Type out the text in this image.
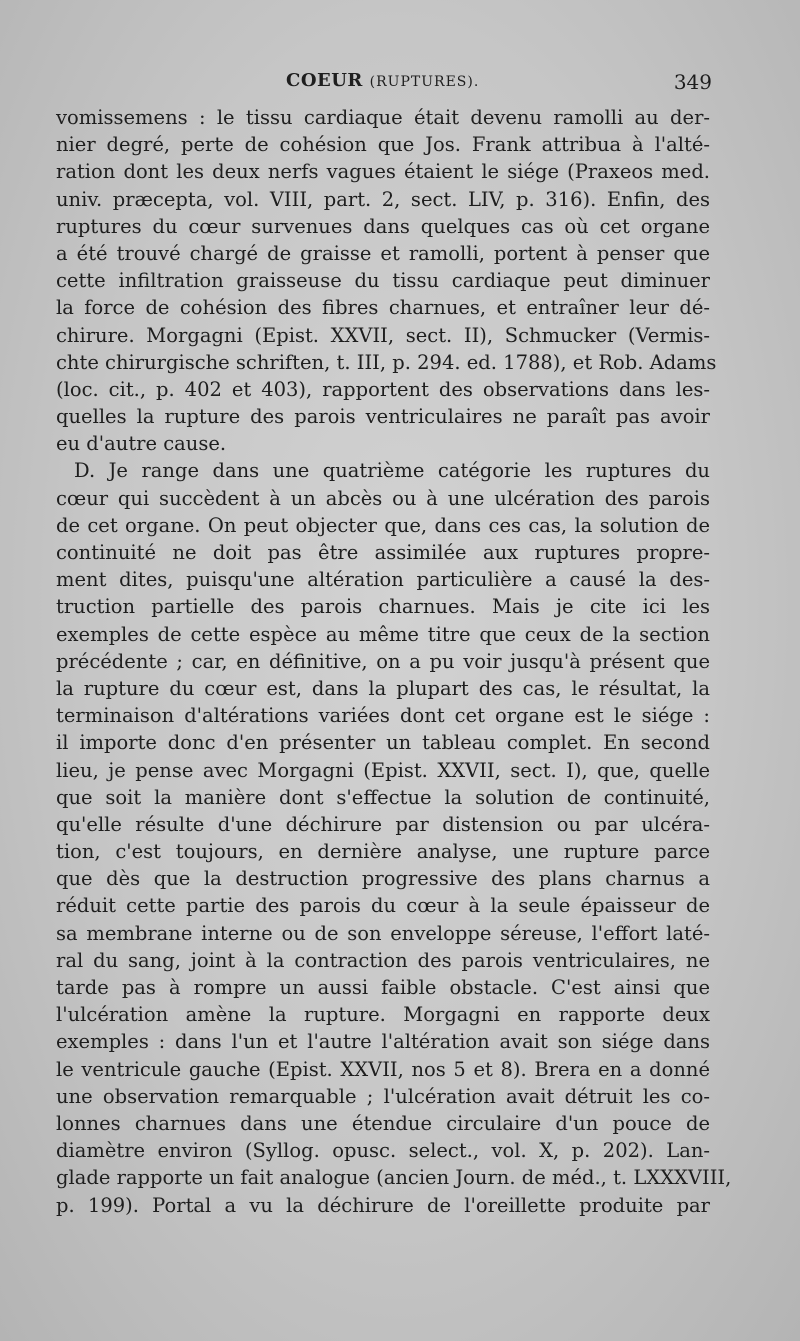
COEUR (RUPTURES).	349
vomissemens : le tissu cardiaque était devenu ramolli au der-
nier degré, perte de cohésion que Jos. Frank attribua à l'alté-
ration dont les deux nerfs vagues étaient le siége (Praxeos med.
univ. præcepta, vol. VIII, part. 2, sect. LIV, p. 316). Enfin, des
ruptures du cœur survenues dans quelques cas où cet organe
a été trouvé chargé de graisse et ramolli, portent à penser que
cette infiltration graisseuse du tissu cardiaque peut diminuer
la force de cohésion des fibres charnues, et entraîner leur dé-
chirure. Morgagni (Epist. XXVII, sect. II), Schmucker (Vermis-
chte chirurgische schriften, t. III, p. 294. ed. 1788), et Rob. Adams
(loc. cit., p. 402 et 403), rapportent des observations dans les-
quelles la rupture des parois ventriculaires ne paraît pas avoir
eu d'autre cause.
D. Je range dans une quatrième catégorie les ruptures du
cœur qui succèdent à un abcès ou à une ulcération des parois
de cet organe. On peut objecter que, dans ces cas, la solution de
continuité ne doit pas être assimilée aux ruptures propre-
ment dites, puisqu'une altération particulière a causé la des-
truction partielle des parois charnues. Mais je cite ici les
exemples de cette espèce au même titre que ceux de la section
précédente ; car, en définitive, on a pu voir jusqu'à présent que
la rupture du cœur est, dans la plupart des cas, le résultat, la
terminaison d'altérations variées dont cet organe est le siége :
il importe donc d'en présenter un tableau complet. En second
lieu, je pense avec Morgagni (Epist. XXVII, sect. I), que, quelle
que soit la manière dont s'effectue la solution de continuité,
qu'elle résulte d'une déchirure par distension ou par ulcéra-
tion, c'est toujours, en dernière analyse, une rupture parce
que dès que la destruction progressive des plans charnus a
réduit cette partie des parois du cœur à la seule épaisseur de
sa membrane interne ou de son enveloppe séreuse, l'effort laté-
ral du sang, joint à la contraction des parois ventriculaires, ne
tarde pas à rompre un aussi faible obstacle. C'est ainsi que
l'ulcération amène la rupture. Morgagni en rapporte deux
exemples : dans l'un et l'autre l'altération avait son siége dans
le ventricule gauche (Epist. XXVII, nos 5 et 8). Brera en a donné
une observation remarquable ; l'ulcération avait détruit les co-
lonnes charnues dans une étendue circulaire d'un pouce de
diamètre environ (Syllog. opusc. select., vol. X, p. 202). Lan-
glade rapporte un fait analogue (ancien Journ. de méd., t. LXXXVIII,
p. 199). Portal a vu la déchirure de l'oreillette produite par
